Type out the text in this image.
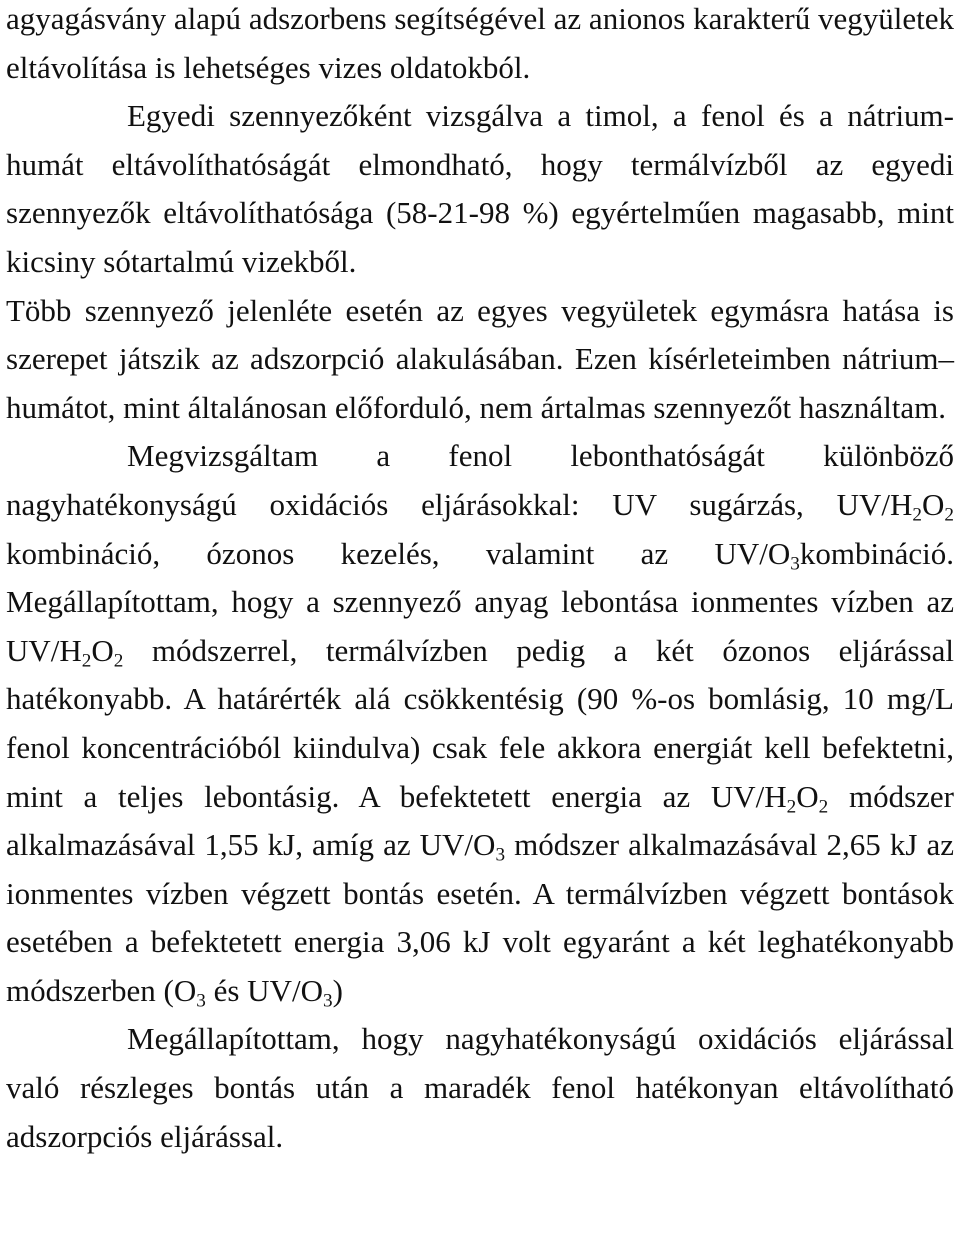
agyagásvány alapú adszorbens segítségével az anionos karakterű vegyületek eltávolítása is lehetséges vizes oldatokból.

Egyedi szennyezőként vizsgálva a timol, a fenol és a nátrium-humát eltávolíthatóságát elmondható, hogy termálvízből az egyedi szennyezők eltávolíthatósága (58-21-98 %) egyértelműen magasabb, mint kicsiny sótartalmú vizekből.

Több szennyező jelenléte esetén az egyes vegyületek egymásra hatása is szerepet játszik az adszorpció alakulásában. Ezen kísérleteimben nátrium–humátot, mint általánosan előforduló, nem ártalmas szennyezőt használtam.

Megvizsgáltam a fenol lebonthatóságát különböző nagyhatékonyságú oxidációs eljárásokkal: UV sugárzás, $UV/H_2O_2$ kombináció, ózonos kezelés, valamint az $UV/O_3kombináció$. Megállapítottam, hogy a szennyező anyag lebontása ionmentes vízben az $UV/H_2O_2$ módszerrel, termálvízben pedig a két ózonos eljárással hatékonyabb. A határérték alá csökkentésig (90 %-os bomlásig, 10 mg/L fenol koncentrációból kiindulva) csak fele akkora energiát kell befektetni, mint a teljes lebontásig. A befektetett energia az $UV/H_2O_2$ módszer alkalmazásával 1,55 kJ, amíg az $UV/O_3$ módszer alkalmazásával 2,65 kJ az ionmentes vízben végzett bontás esetén. A termálvízben végzett bontások esetében a befektetett energia 3,06 kJ volt egyaránt a két leghatékonyabb módszerben ($O_3$ és $UV/O_3$)

Megállapítottam, hogy nagyhatékonyságú oxidációs eljárással való részleges bontás után a maradék fenol hatékonyan eltávolítható adszorpciós eljárással.
